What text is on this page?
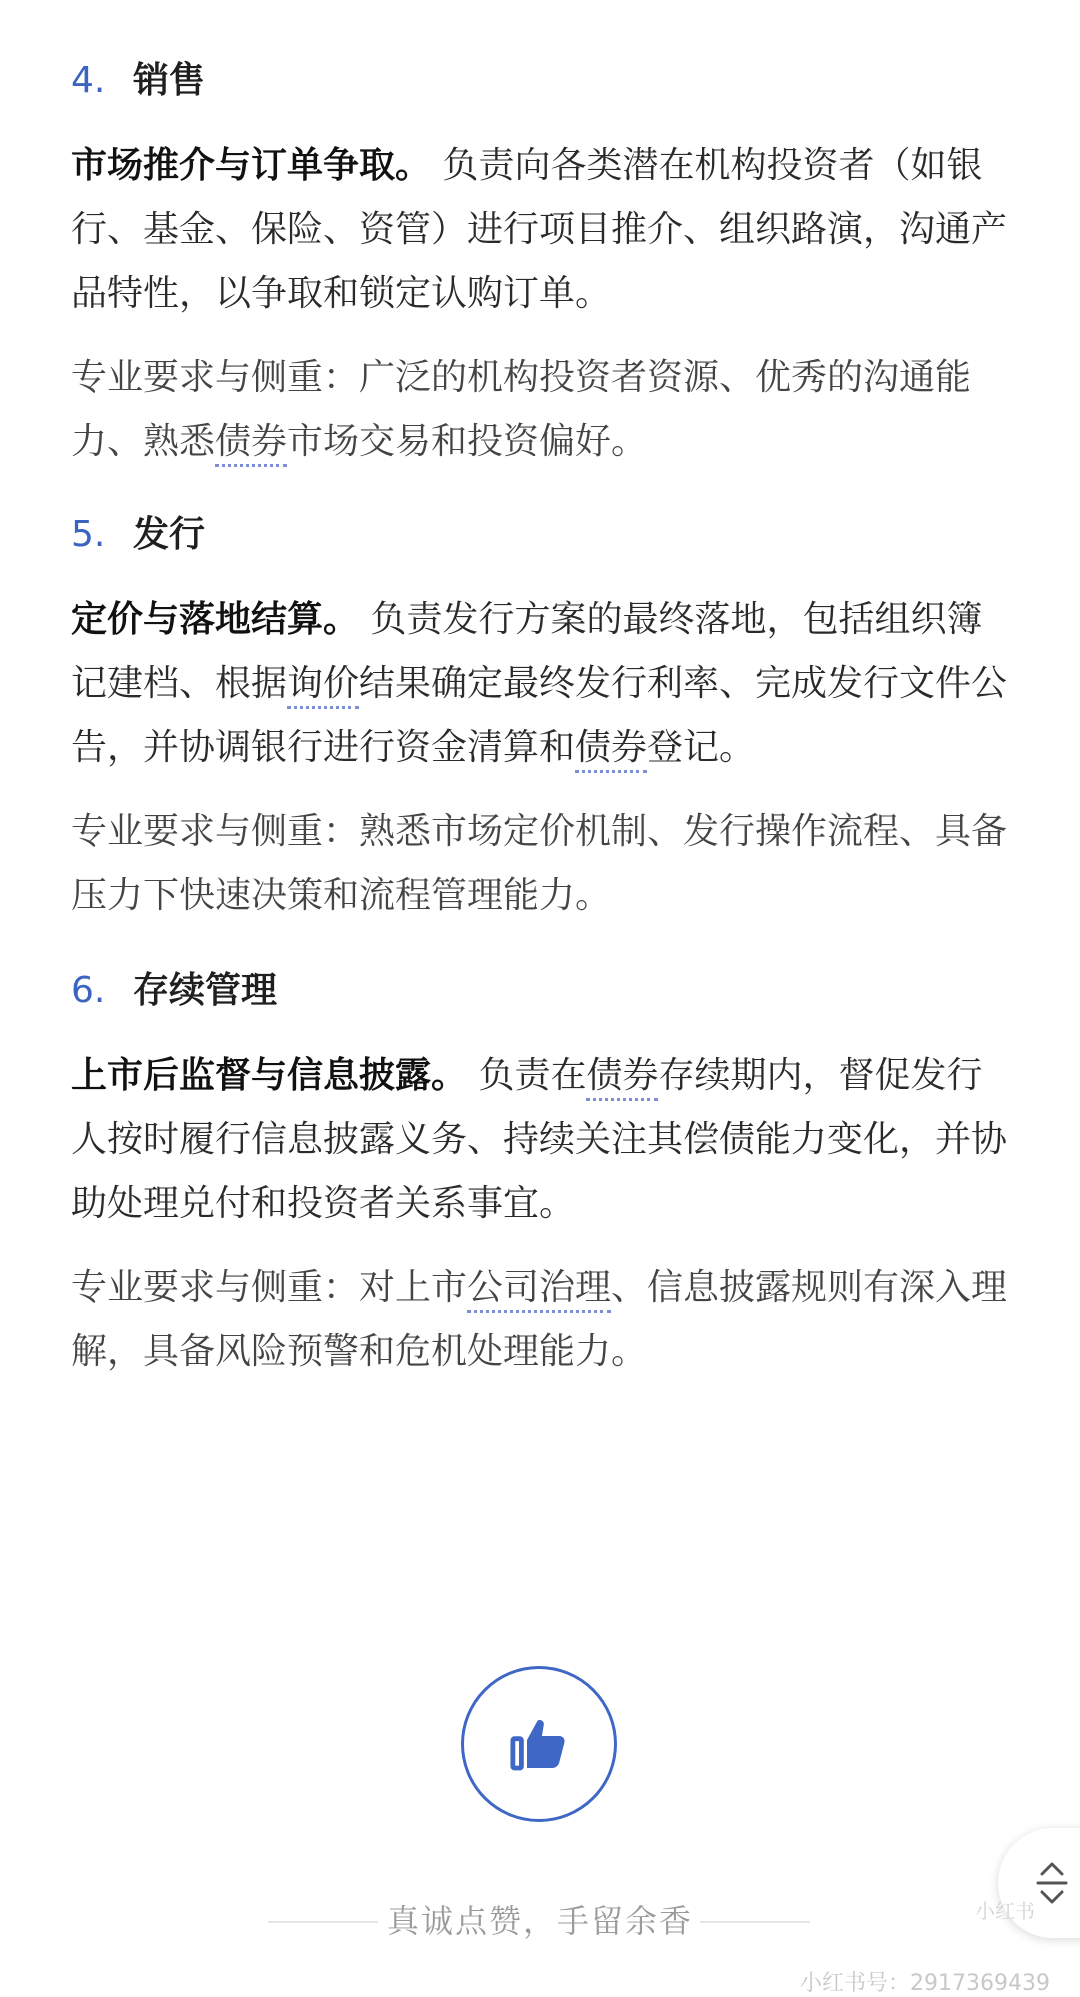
4. 销售

市场推介与订单争取。 负责向各类潜在机构投资者（如银行、基金、保险、资管）进行项目推介、组织路演，沟通产品特性，以争取和锁定认购订单。

专业要求与侧重：广泛的机构投资者资源、优秀的沟通能力、熟悉债券市场交易和投资偏好。

5. 发行

定价与落地结算。 负责发行方案的最终落地，包括组织簿记建档、根据询价结果确定最终发行利率、完成发行文件公告，并协调银行进行资金清算和债券登记。

专业要求与侧重：熟悉市场定价机制、发行操作流程、具备压力下快速决策和流程管理能力。

6. 存续管理

上市后监督与信息披露。 负责在债券存续期内，督促发行人按时履行信息披露义务、持续关注其偿债能力变化，并协助处理兑付和投资者关系事宜。

专业要求与侧重：对上市公司治理、信息披露规则有深入理解，具备风险预警和危机处理能力。

真诚点赞，手留余香	小红书
小红书号：2917369439
